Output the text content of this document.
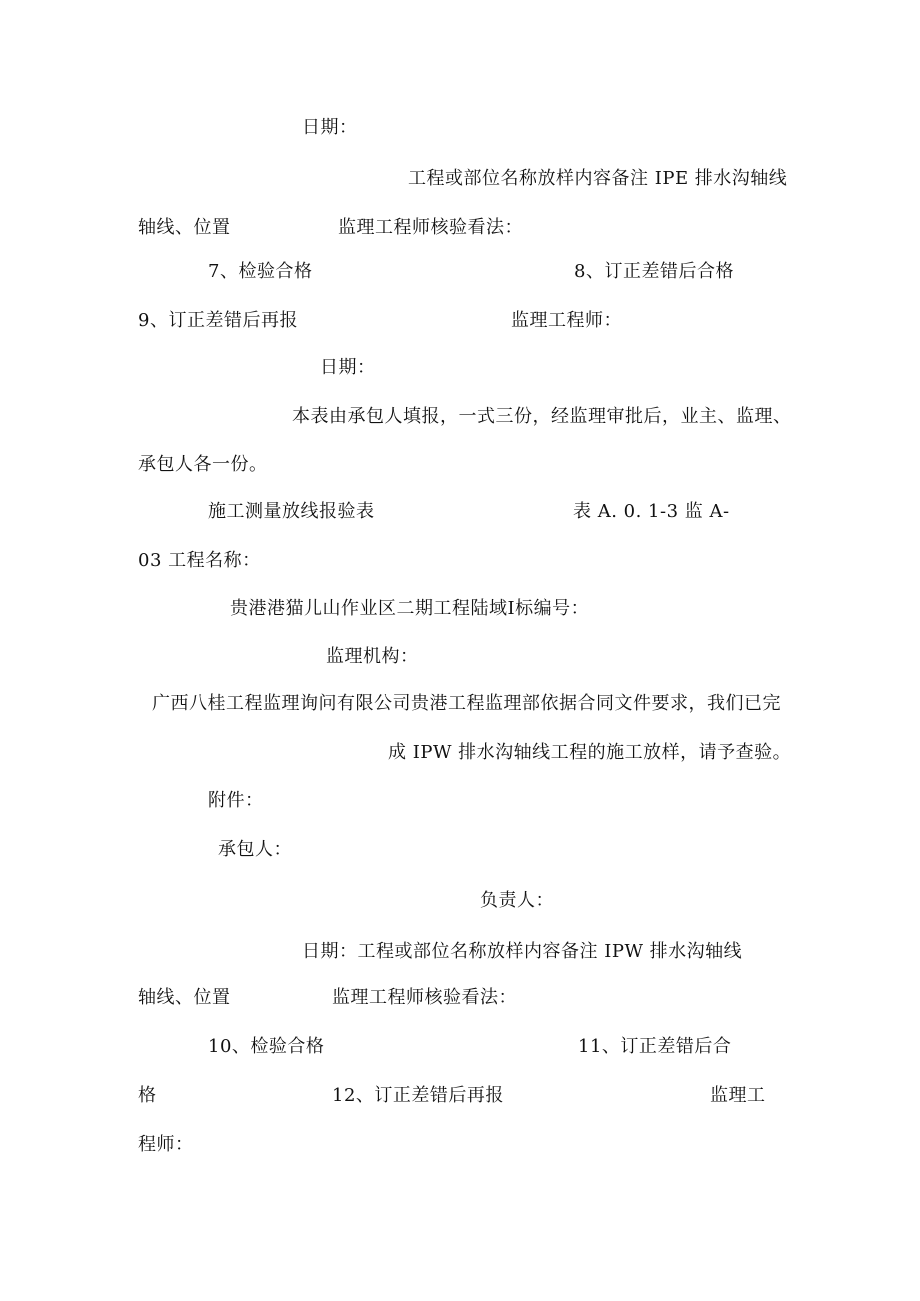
日期：
工程或部位名称放样内容备注 IPE 排水沟轴线
轴线、位置	监理工程师核验看法：
7、检验合格	8、订正差错后合格
9、订正差错后再报	监理工程师：
日期：
本表由承包人填报，一式三份，经监理审批后，业主、监理、
承包人各一份。
施工测量放线报验表	表 A. 0. 1-3 监 A-
03 工程名称：
贵港港猫儿山作业区二期工程陆域Ⅰ标编号：
监理机构：
广西八桂工程监理询问有限公司贵港工程监理部依据合同文件要求，我们已完
成 IPW 排水沟轴线工程的施工放样，请予查验。
附件：
承包人：
负责人：
日期：工程或部位名称放样内容备注 IPW 排水沟轴线
轴线、位置	监理工程师核验看法：
10、检验合格	11、订正差错后合
格	12、订正差错后再报	监理工
程师：
